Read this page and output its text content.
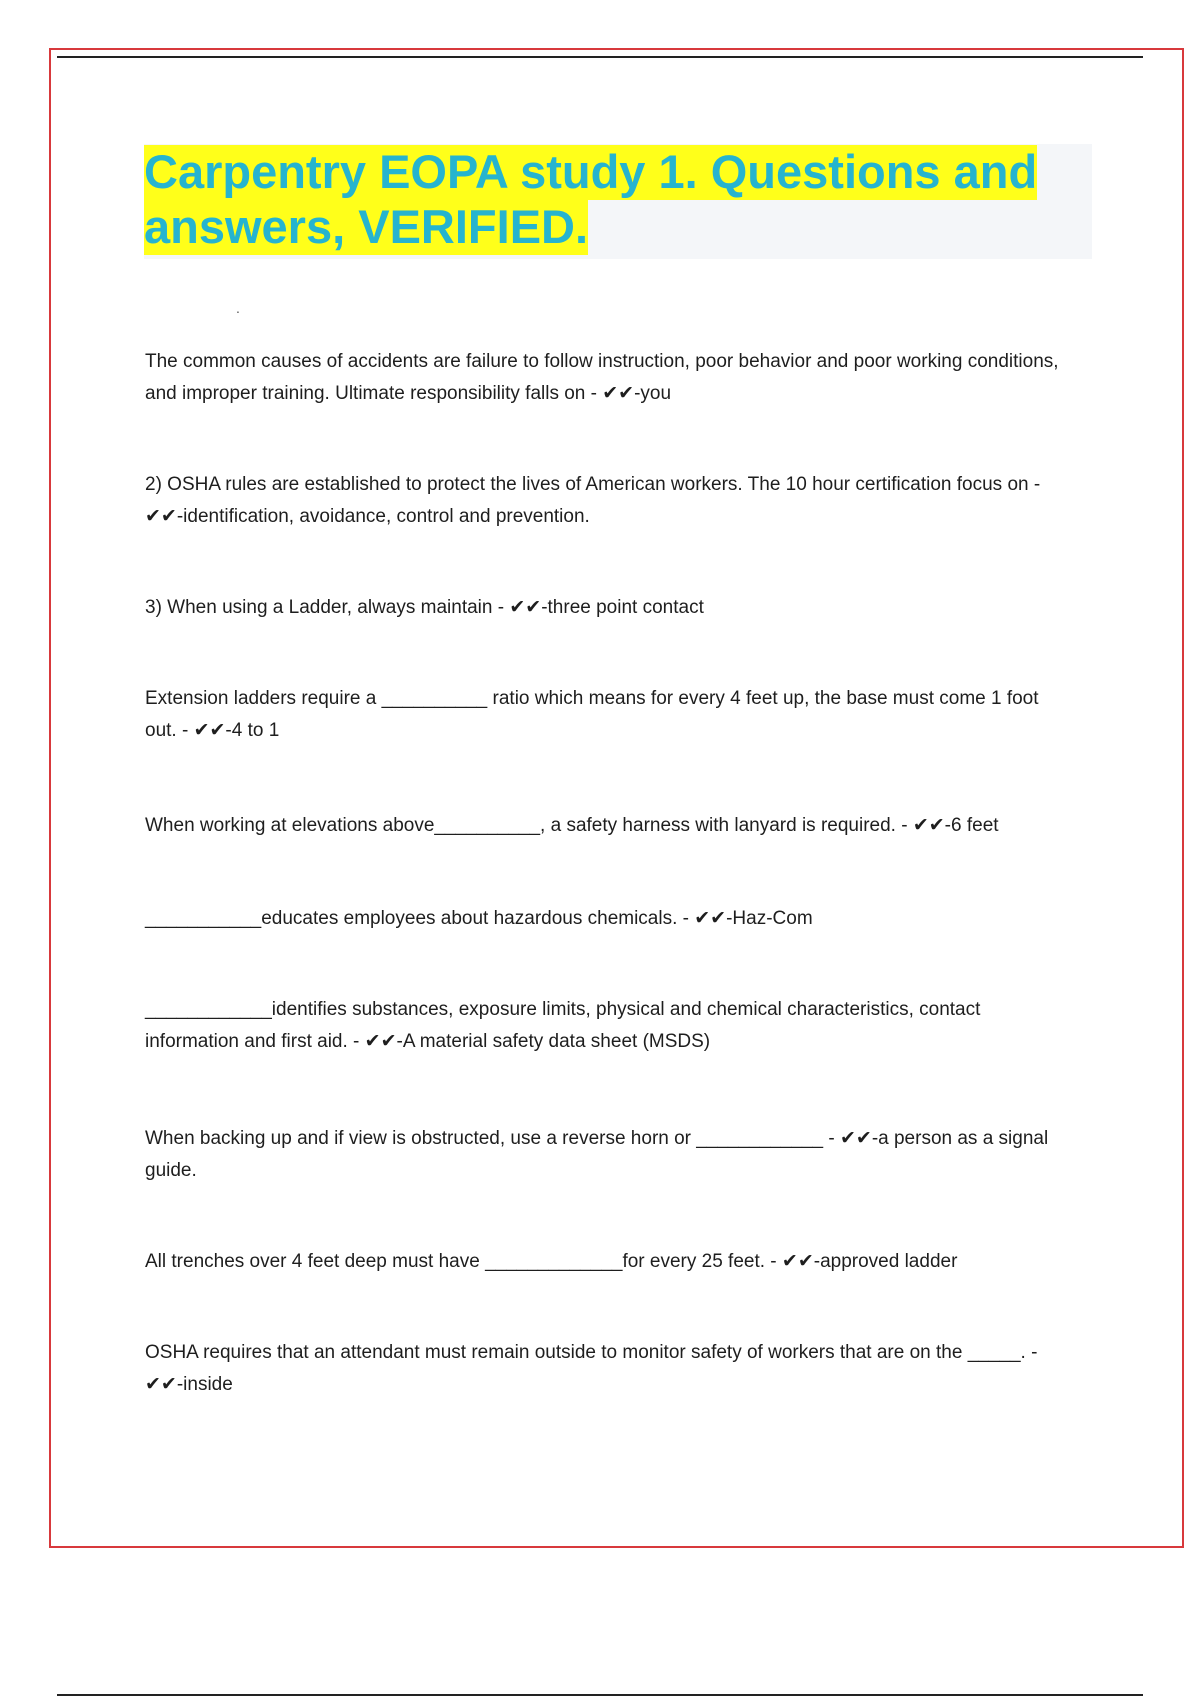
Carpentry EOPA study 1. Questions and answers, VERIFIED.
.
The common causes of accidents are failure to follow instruction, poor behavior and poor working conditions, and improper training. Ultimate responsibility falls on - ✔✔-you
2) OSHA rules are established to protect the lives of American workers. The 10 hour certification focus on - ✔✔-identification, avoidance, control and prevention.
3) When using a Ladder, always maintain - ✔✔-three point contact
Extension ladders require a __________ ratio which means for every 4 feet up, the base must come 1 foot out. - ✔✔-4 to 1
When working at elevations above__________, a safety harness with lanyard is required. - ✔✔-6 feet
___________educates employees about hazardous chemicals. - ✔✔-Haz-Com
____________identifies substances, exposure limits, physical and chemical characteristics, contact information and first aid. - ✔✔-A material safety data sheet (MSDS)
When backing up and if view is obstructed, use a reverse horn or ____________ - ✔✔-a person as a signal guide.
All trenches over 4 feet deep must have _____________for every 25 feet. - ✔✔-approved ladder
OSHA requires that an attendant must remain outside to monitor safety of workers that are on the _____. - ✔✔-inside
